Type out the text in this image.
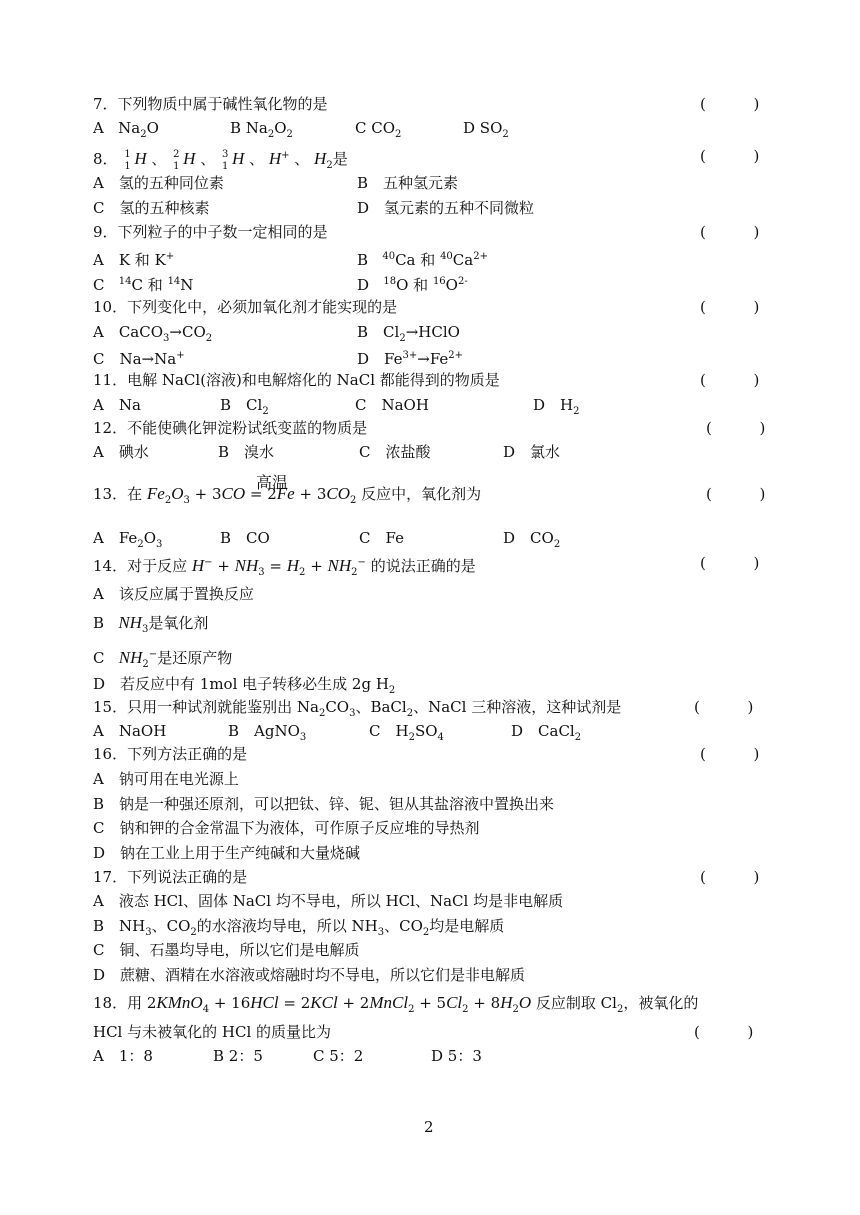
7．下列物质中属于碱性氧化物的是	(          )
A $Na_2O$	B $Na_2O_2$	C $CO_2$	D $SO_2$
8． 1
1 H 、 2
1 H 、 3
1 H 、 H+ 、 $H_2$是	(          )
A　氢的五种同位素	B　五种氢元素
C　氢的五种核素	D　氢元素的五种不同微粒
9．下列粒子的中子数一定相同的是	(          )
A　K 和 K+	B $^{40}$Ca 和 $^{40}Ca^{2+}$
C $^{14}$C 和 $^{14}$N	D $^{18}$O 和 $^{16}O^{2-}$
10．下列变化中，必须加氧化剂才能实现的是	(          )
A　$CaCO_3\to CO_2$	B　$Cl_2\to HClO$
C　Na→Na+	D　$Fe^{3+}\to Fe^{2+}$
11．电解 NaCl(溶液)和电解熔化的 NaCl 都能得到的物质是	(          )
A　Na	B　$Cl_2$	C　NaOH	D　$H_2$
12．不能使碘化钾淀粉试纸变蓝的物质是	(          )
A　碘水	B　溴水	C　浓盐酸	D　氯水
高温
13．在 $Fe_2O_3 + 3CO = 2Fe + 3CO_2$ 反应中，氧化剂为	(          )
A　$Fe_2O_3$	B　CO	C　Fe	D　$CO_2$
14．对于反应 $H^- + NH_3 = H_2 + NH_2^-$ 的说法正确的是	(          )
A　该反应属于置换反应
B $NH_3$是氧化剂
C $NH_2^-$是还原产物
D　若反应中有 1mol 电子转移必生成 2g $H_2$
15．只用一种试剂就能鉴别出 $Na_2CO_3$、BaCl$_2$、NaCl 三种溶液，这种试剂是	(          )
A　NaOH	B　AgNO$_3$	C　$H_2SO_4$	D　CaCl$_2$
16．下列方法正确的是	(          )
A　钠可用在电光源上
B　钠是一种强还原剂，可以把钛、锌、铌、钽从其盐溶液中置换出来
C　钠和钾的合金常温下为液体，可作原子反应堆的导热剂
D　钠在工业上用于生产纯碱和大量烧碱
17．下列说法正确的是	(          )
A　液态 HCl、固体 NaCl 均不导电，所以 HCl、NaCl 均是非电解质
B　$NH_3$、$CO_2$的水溶液均导电，所以 $NH_3$、$CO_2$均是电解质
C　铜、石墨均导电，所以它们是电解质
D　蔗糖、酒精在水溶液或熔融时均不导电，所以它们是非电解质
18．用 2KMnO$_4$ + 16HCl = 2KCl + 2MnCl$_2$ + $5Cl_2 + 8H_2O$ 反应制取 $Cl_2$，被氧化的
HCl 与未被氧化的 HCl 的质量比为	(          )
A　1：8	B 2：5	C 5：2	D 5：3
2
